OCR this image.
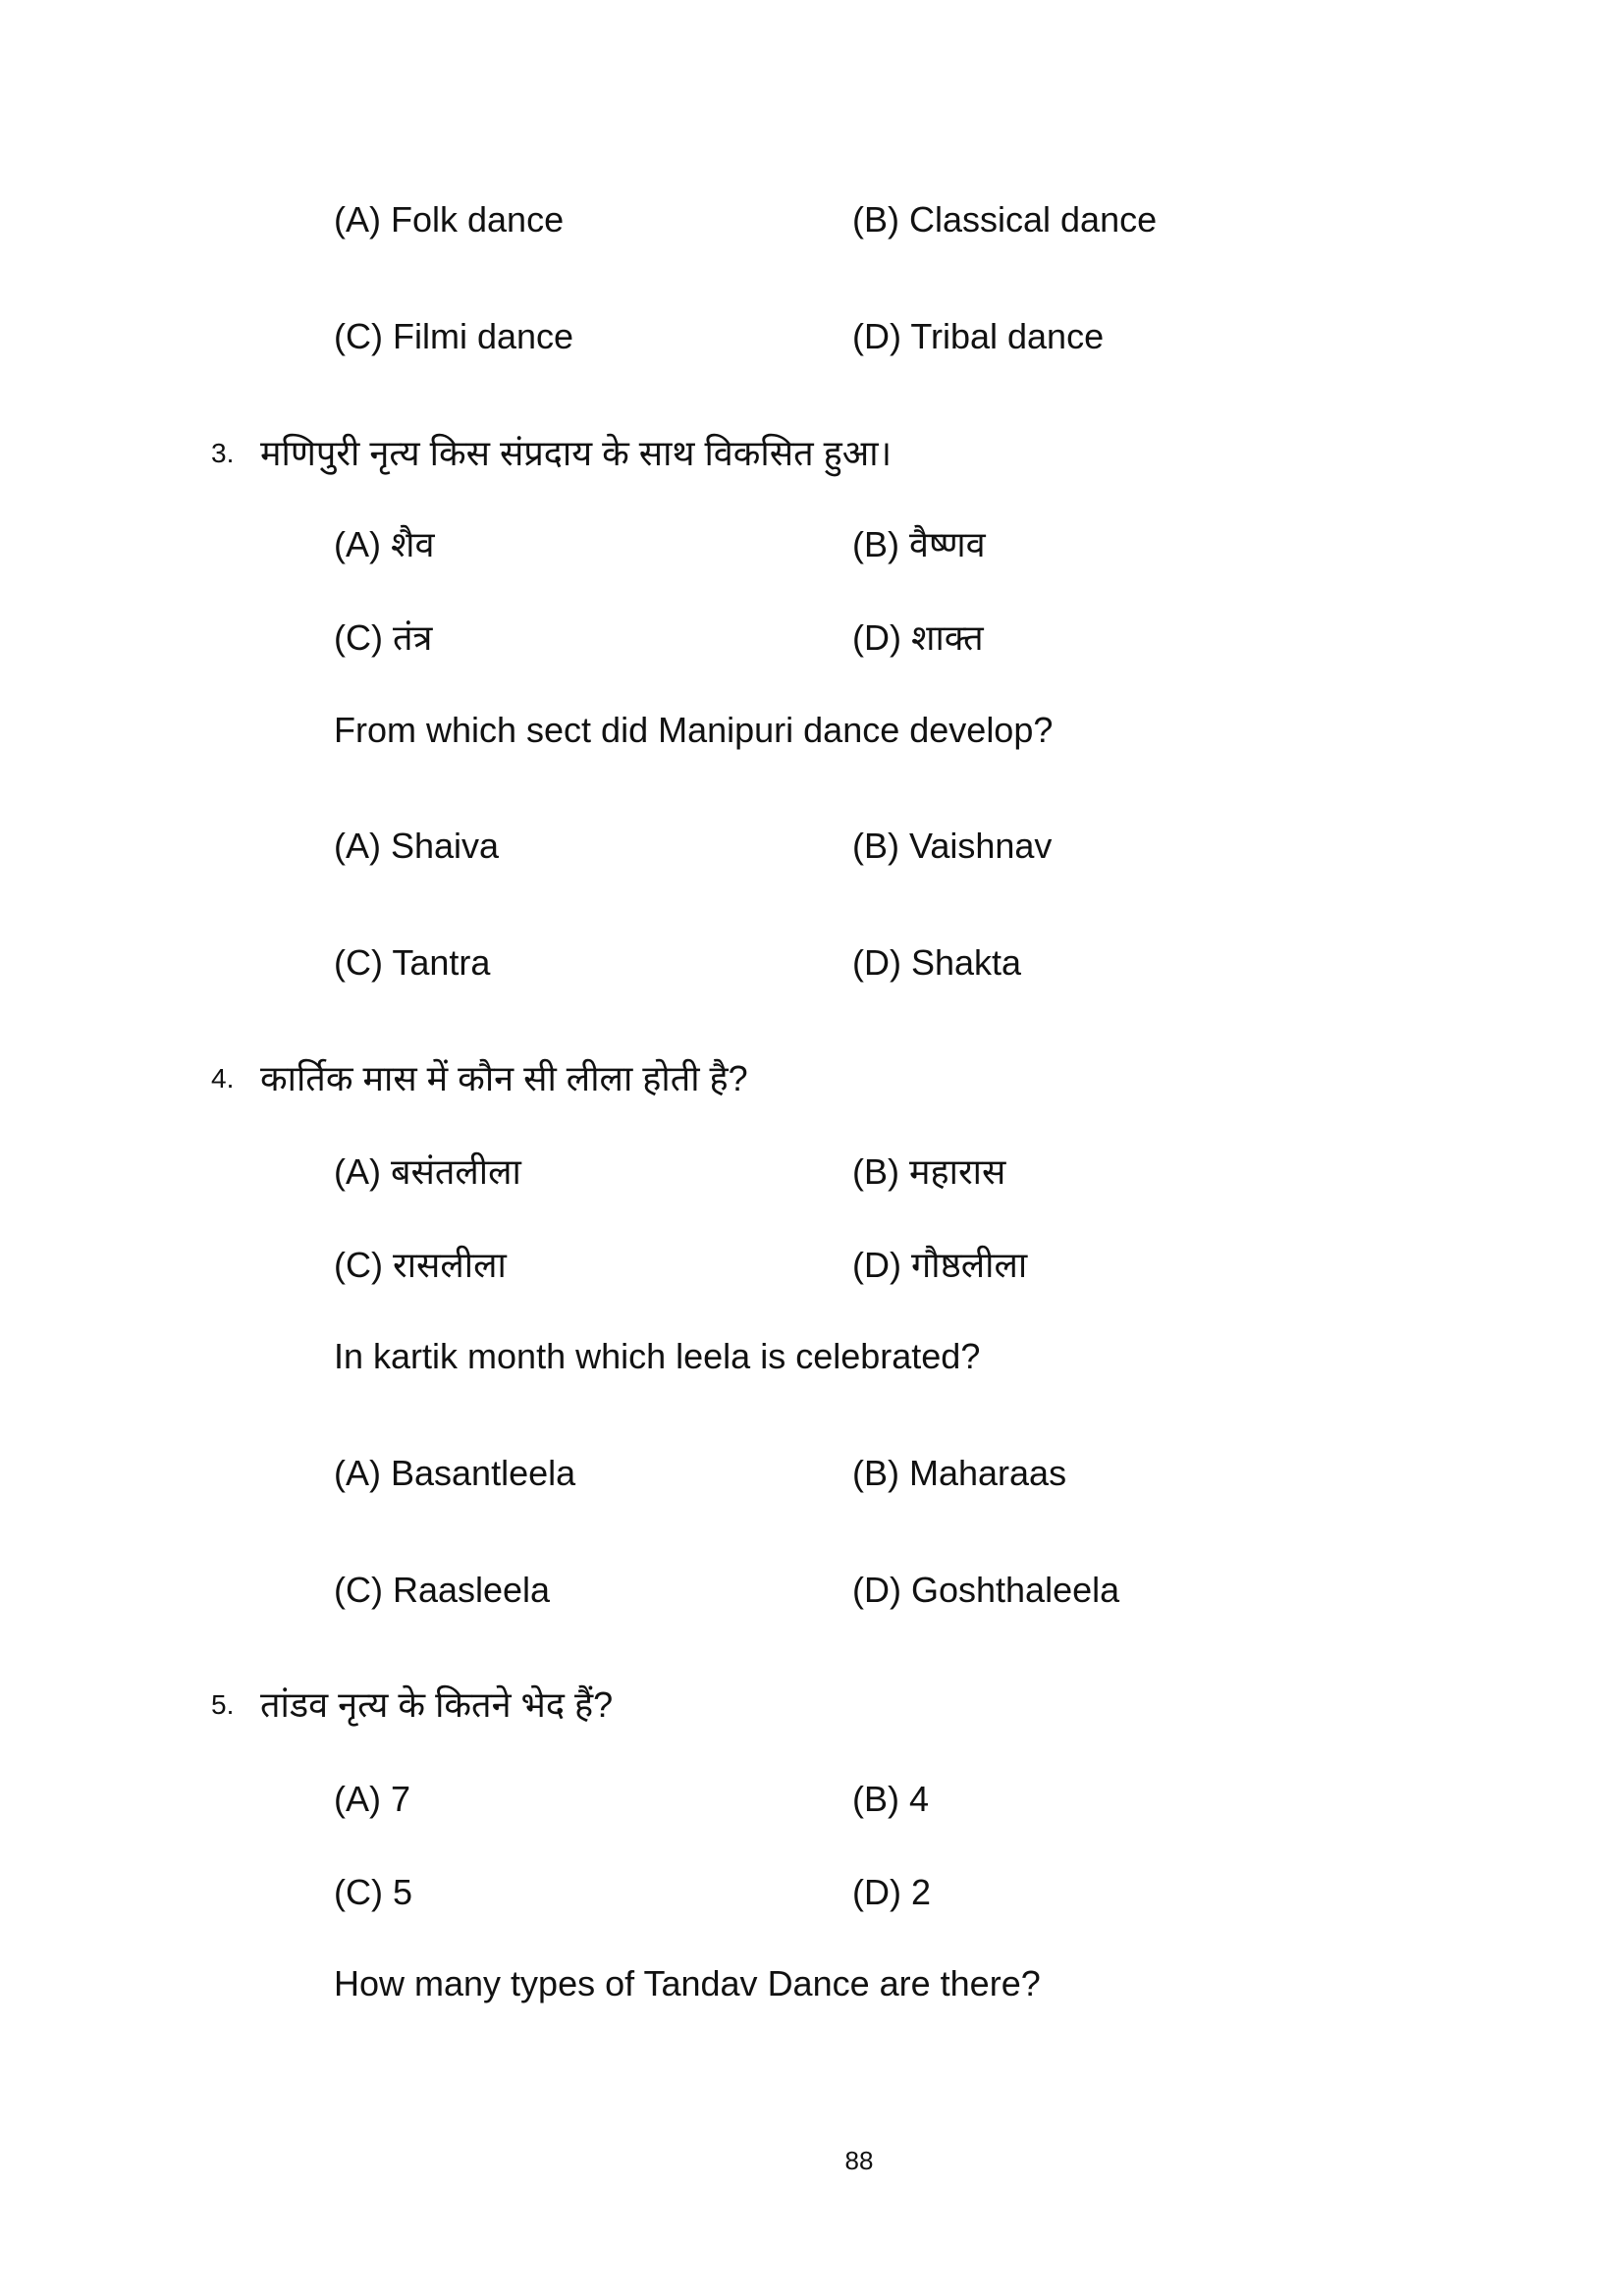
(A) Folk dance	(B) Classical dance
(C) Filmi dance	(D) Tribal dance
3. मणिपुरी नृत्य किस संप्रदाय के साथ विकसित हुआ।
(A) शैव	(B) वैष्णव
(C) तंत्र	(D) शाक्त
From which sect did Manipuri dance develop?
(A) Shaiva	(B) Vaishnav
(C) Tantra	(D) Shakta
4. कार्तिक मास में कौन सी लीला होती है?
(A) बसंतलीला	(B) महारास
(C) रासलीला	(D) गौष्ठलीला
In kartik month which leela is celebrated?
(A) Basantleela	(B) Maharaas
(C) Raasleela	(D) Goshthaleela
5. तांडव नृत्य के कितने भेद हैं?
(A) 7	(B) 4
(C) 5	(D) 2
How many types of Tandav Dance are there?
88
